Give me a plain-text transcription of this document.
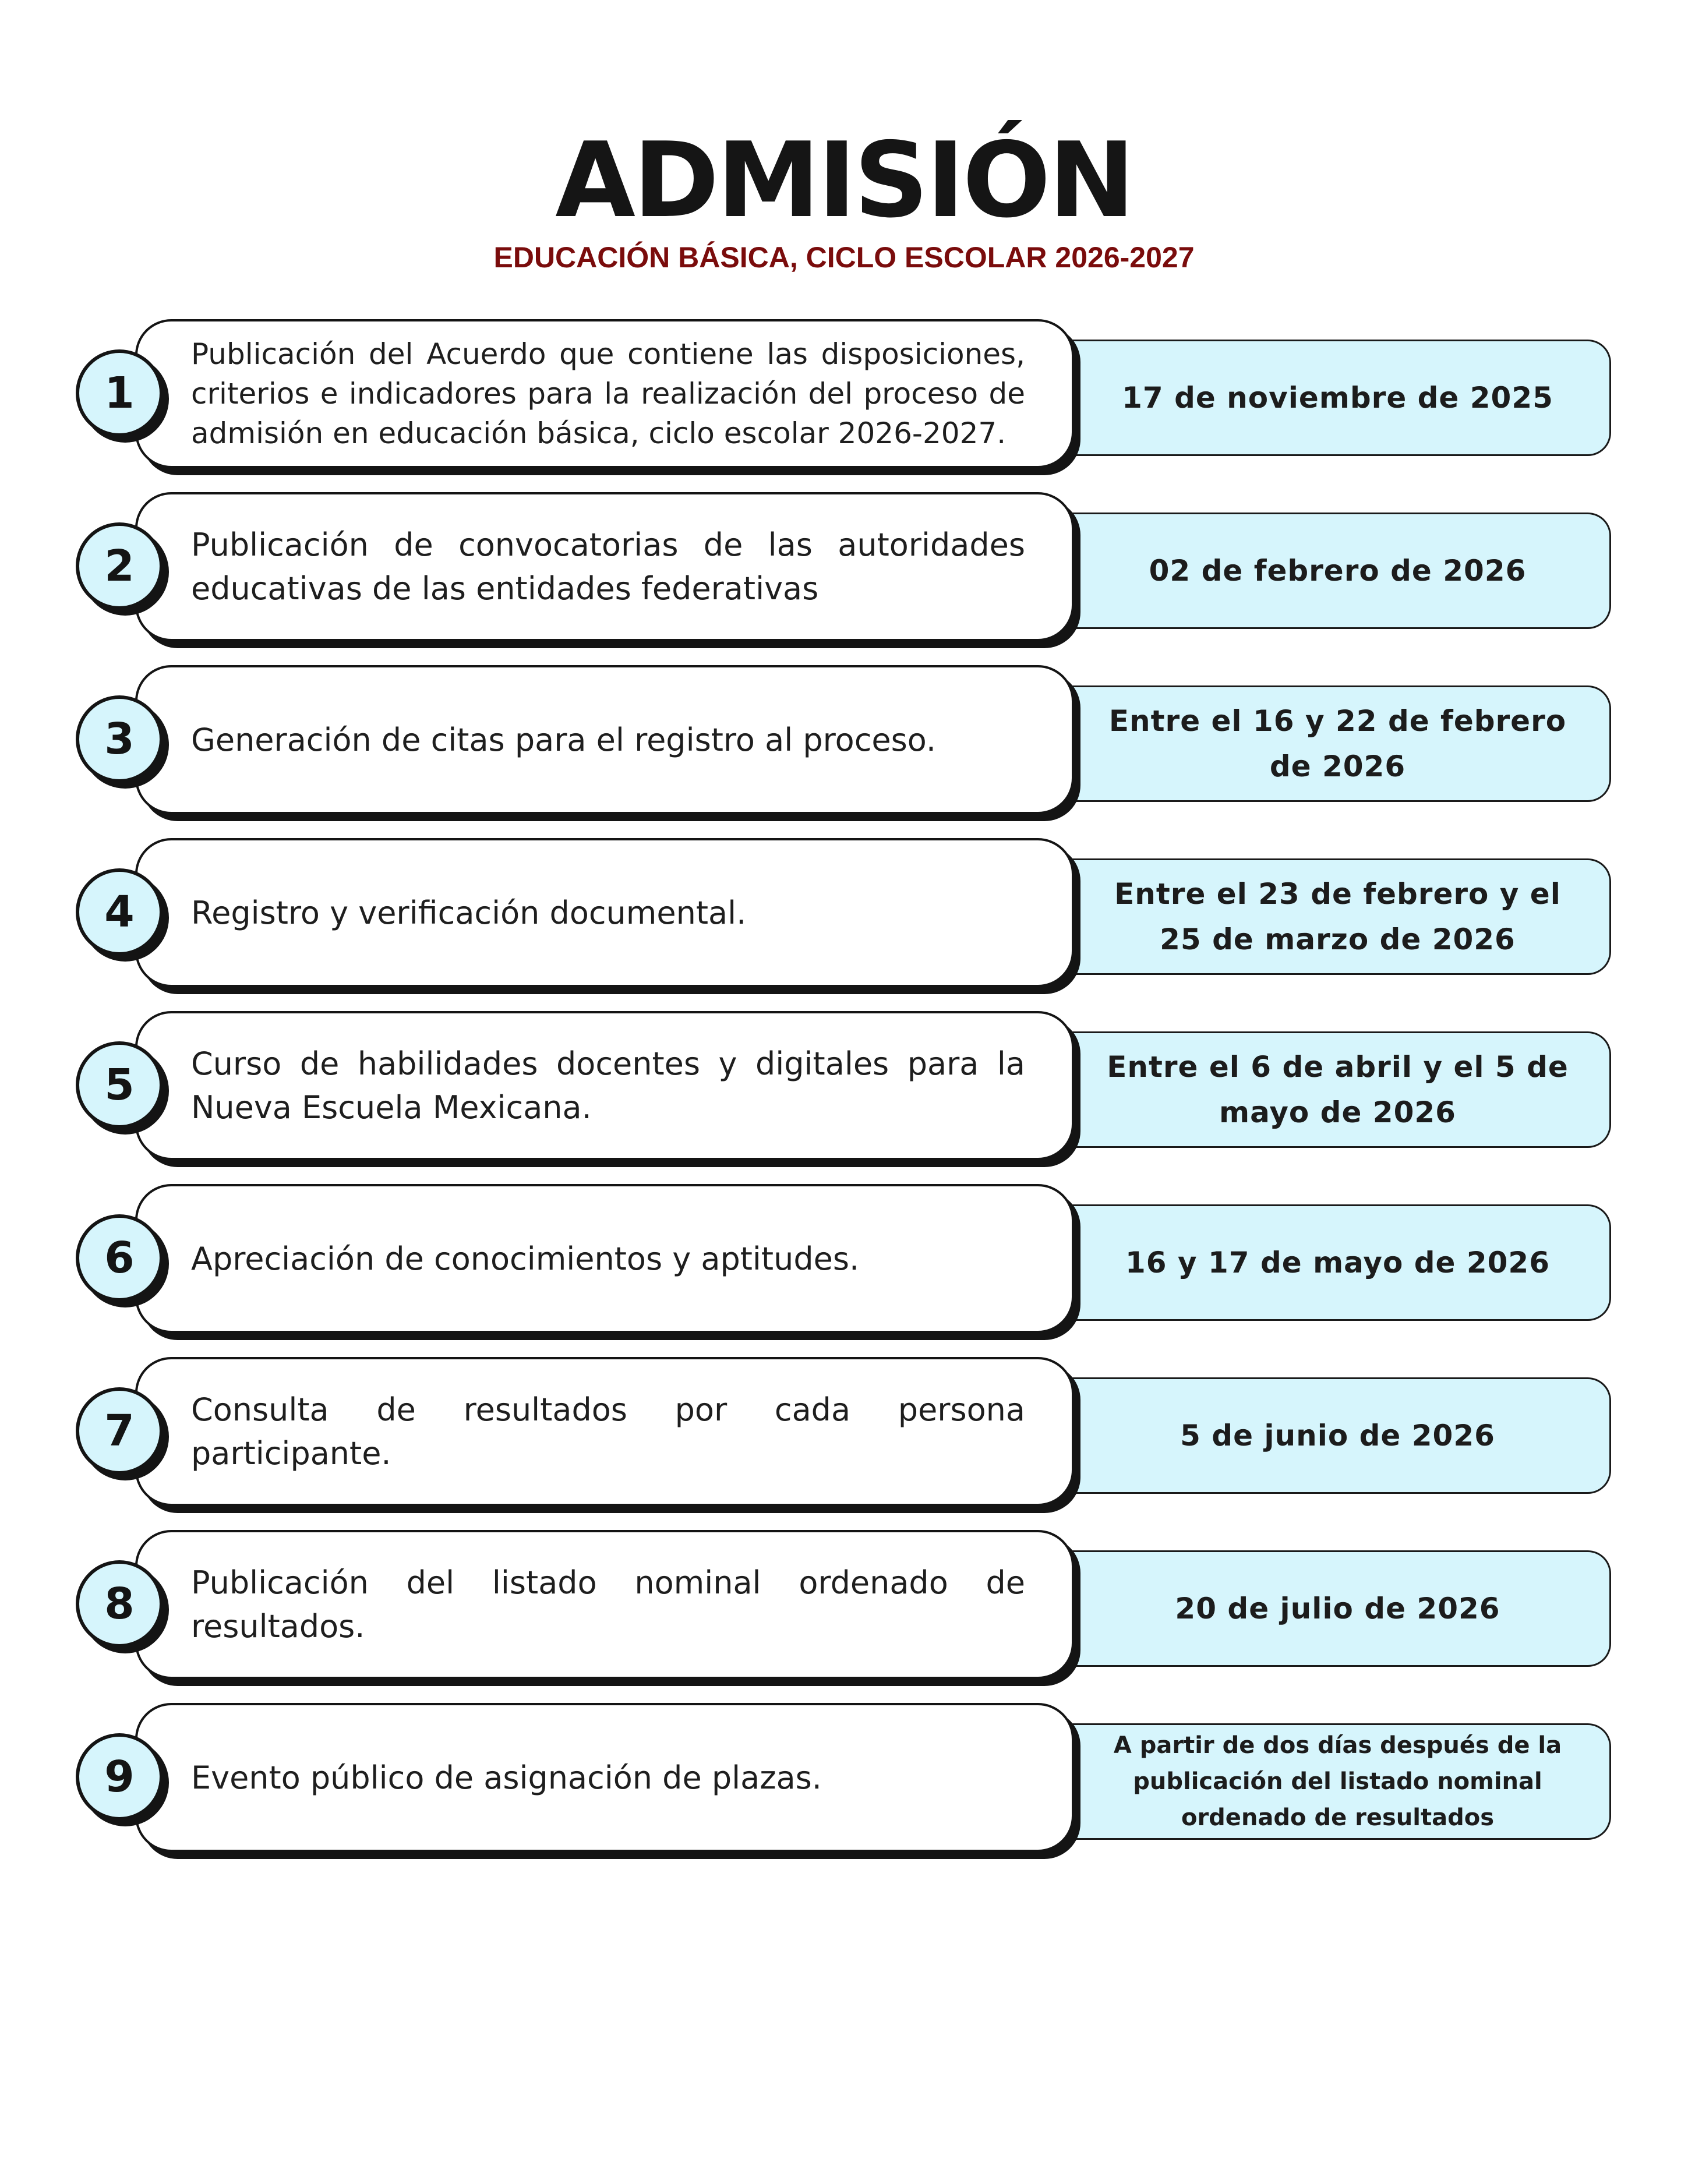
ADMISIÓN
EDUCACIÓN BÁSICA, CICLO ESCOLAR 2026-2027
17 de noviembre de 2025
Publicación del Acuerdo que contiene las disposiciones, criterios e indicadores para la realización del proceso de admisión en educación básica, ciclo escolar 2026-2027.
1
02 de febrero de 2026
Publicación de convocatorias de las autoridades educativas de las entidades federativas
2
Entre el 16 y 22 de febrero de 2026
Generación de citas para el registro al proceso.
3
Entre el 23 de febrero y el 25 de marzo de 2026
Registro y verificación documental.
4
Entre el 6 de abril y el 5 de mayo de 2026
Curso de habilidades docentes y digitales para la Nueva Escuela Mexicana.
5
16 y 17 de mayo de 2026
Apreciación de conocimientos y aptitudes.
6
5 de junio de 2026
Consulta de resultados por cada persona participante.
7
20 de julio de 2026
Publicación del listado nominal ordenado de resultados.
8
A partir de dos días después de la publicación del listado nominal ordenado de resultados
Evento público de asignación de plazas.
9
